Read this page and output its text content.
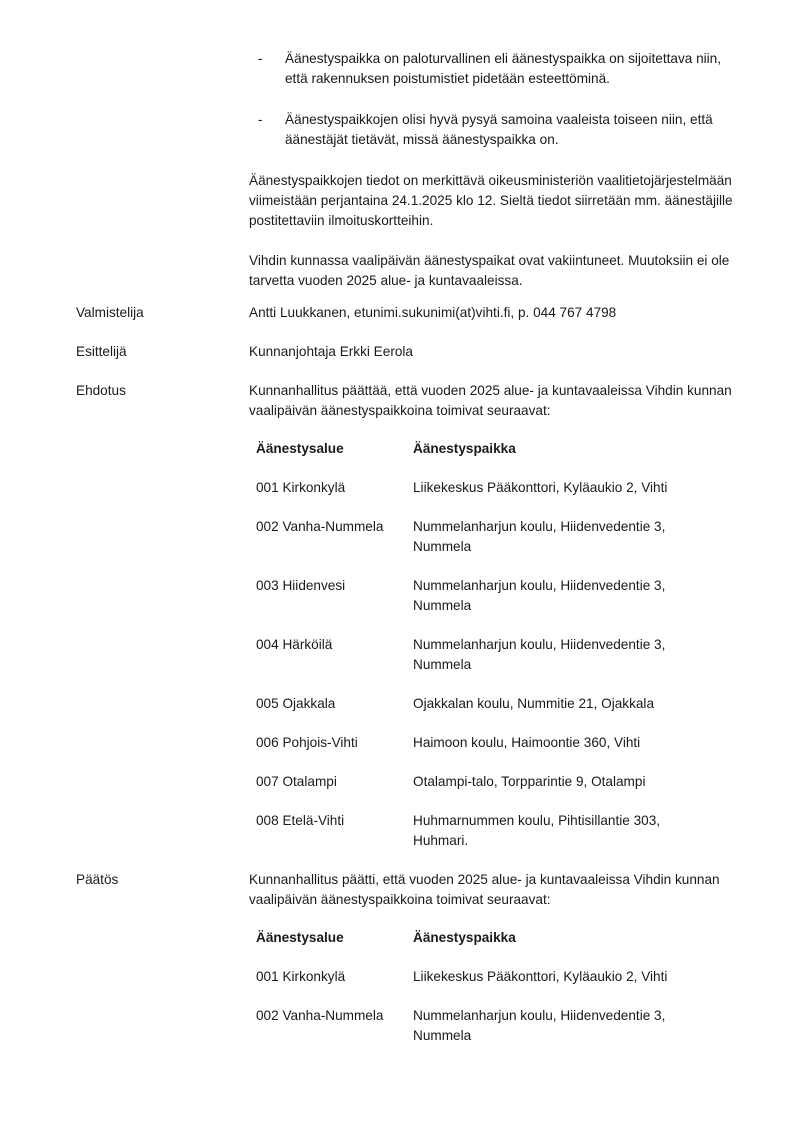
- Äänestyspaikka on paloturvallinen eli äänestyspaikka on sijoitettava niin, että rakennuksen poistumistiet pidetään esteettöminä.
- Äänestyspaikkojen olisi hyvä pysyä samoina vaaleista toiseen niin, että äänestäjät tietävät, missä äänestyspaikka on.

Äänestyspaikkojen tiedot on merkittävä oikeusministeriön vaalitietojärjestelmään viimeistään perjantaina 24.1.2025 klo 12. Sieltä tiedot siirretään mm. äänestäjille postitettaviin ilmoituskortteihin.

Vihdin kunnassa vaalipäivän äänestyspaikat ovat vakiintuneet. Muutoksiin ei ole tarvetta vuoden 2025 alue- ja kuntavaaleissa.

Valmistelija	Antti Luukkanen, etunimi.sukunimi(at)vihti.fi, p. 044 767 4798
Esittelijä	Kunnanjohtaja Erkki Eerola
Ehdotus	Kunnanhallitus päättää, että vuoden 2025 alue- ja kuntavaaleissa Vihdin kunnan vaalipäivän äänestyspaikkoina toimivat seuraavat:
Äänestysalue	Äänestyspaikka

001 Kirkonkylä	Liikekeskus Pääkonttori, Kyläaukio 2, Vihti

002 Vanha-Nummela	Nummelanharjun koulu, Hiidenvedentie 3, Nummela

003 Hiidenvesi	Nummelanharjun koulu, Hiidenvedentie 3, Nummela

004 Härköilä	Nummelanharjun koulu, Hiidenvedentie 3, Nummela

005 Ojakkala	Ojakkalan koulu, Nummitie 21, Ojakkala

006 Pohjois-Vihti	Haimoon koulu, Haimoontie 360, Vihti

007 Otalampi	Otalampi-talo, Torpparintie 9, Otalampi

008 Etelä-Vihti	Huhmarnummen koulu, Pihtisillantie 303, Huhmari.
Päätös	Kunnanhallitus päätti, että vuoden 2025 alue- ja kuntavaaleissa Vihdin kunnan vaalipäivän äänestyspaikkoina toimivat seuraavat:
Äänestysalue	Äänestyspaikka

001 Kirkonkylä	Liikekeskus Pääkonttori, Kyläaukio 2, Vihti

002 Vanha-Nummela	Nummelanharjun koulu, Hiidenvedentie 3, Nummela
